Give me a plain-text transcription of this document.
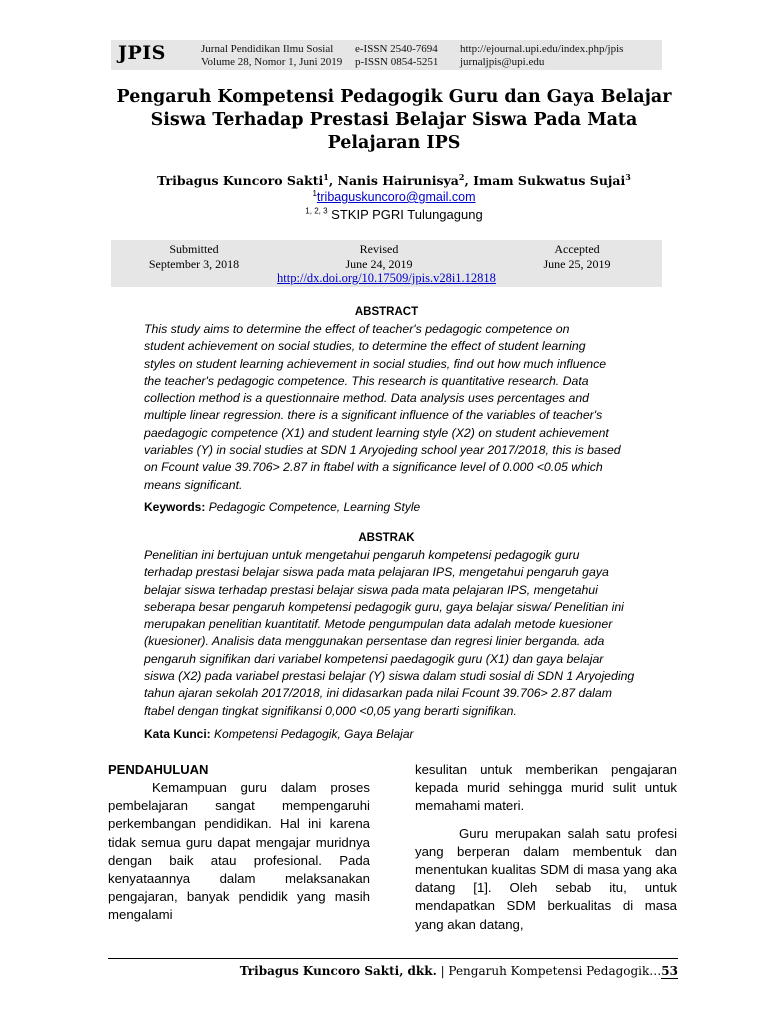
JPIS	Jurnal Pendidikan Ilmu Sosial
Volume 28, Nomor 1, Juni 2019
e-ISSN 2540-7694
p-ISSN 0854-5251
http://ejournal.upi.edu/index.php/jpis
jurnaljpis@upi.edu
Pengaruh Kompetensi Pedagogik Guru dan Gaya Belajar Siswa Terhadap Prestasi Belajar Siswa Pada Mata Pelajaran IPS
Tribagus Kuncoro Sakti$^1$, Nanis Hairunisya$^2$, Imam Sukwatus Sujai$^3$
$^1$tribaguskuncoro@gmail.com
$^{1, 2, 3}$ STKIP PGRI Tulungagung
Submitted
September 3, 2018
Revised
June 24, 2019
Accepted
June 25, 2019
http://dx.doi.org/10.17509/jpis.v28i1.12818
ABSTRACT
This study aims to determine the effect of teacher's pedagogic competence on
student achievement on social studies, to determine the effect of student learning
styles on student learning achievement in social studies, find out how much influence
the teacher's pedagogic competence. This research is quantitative research. Data
collection method is a questionnaire method. Data analysis uses percentages and
multiple linear regression. there is a significant influence of the variables of teacher's
paedagogic competence (X1) and student learning style (X2) on student achievement
variables (Y) in social studies at SDN 1 Aryojeding school year 2017/2018, this is based
on Fcount value 39.706> 2.87 in ftabel with a significance level of 0.000 <0.05 which
means significant.
Keywords: Pedagogic Competence, Learning Style
ABSTRAK
Penelitian ini bertujuan untuk mengetahui pengaruh kompetensi pedagogik guru
terhadap prestasi belajar siswa pada mata pelajaran IPS, mengetahui pengaruh gaya
belajar siswa terhadap prestasi belajar siswa pada mata pelajaran IPS, mengetahui
seberapa besar pengaruh kompetensi pedagogik guru, gaya belajar siswa/ Penelitian ini
merupakan penelitian kuantitatif. Metode pengumpulan data adalah metode kuesioner
(kuesioner). Analisis data menggunakan persentase dan regresi linier berganda. ada
pengaruh signifikan dari variabel kompetensi paedagogik guru (X1) dan gaya belajar
siswa (X2) pada variabel prestasi belajar (Y) siswa dalam studi sosial di SDN 1 Aryojeding
tahun ajaran sekolah 2017/2018, ini didasarkan pada nilai Fcount 39.706> 2.87 dalam
ftabel dengan tingkat signifikansi 0,000 <0,05 yang berarti signifikan.
Kata Kunci: Kompetensi Pedagogik, Gaya Belajar
PENDAHULUAN

Kemampuan guru dalam proses pembelajaran sangat mempengaruhi perkembangan pendidikan. Hal ini karena tidak semua guru dapat mengajar muridnya dengan baik atau profesional. Pada kenyataannya dalam melaksanakan pengajaran, banyak pendidik yang masih mengalami

kesulitan untuk memberikan pengajaran kepada murid sehingga murid sulit untuk memahami materi.

Guru merupakan salah satu profesi yang berperan dalam membentuk dan menentukan kualitas SDM di masa yang aka datang [1]. Oleh sebab itu, untuk mendapatkan SDM berkualitas di masa yang akan datang,

Tribagus Kuncoro Sakti, dkk. | Pengaruh Kompetensi Pedagogik…53
